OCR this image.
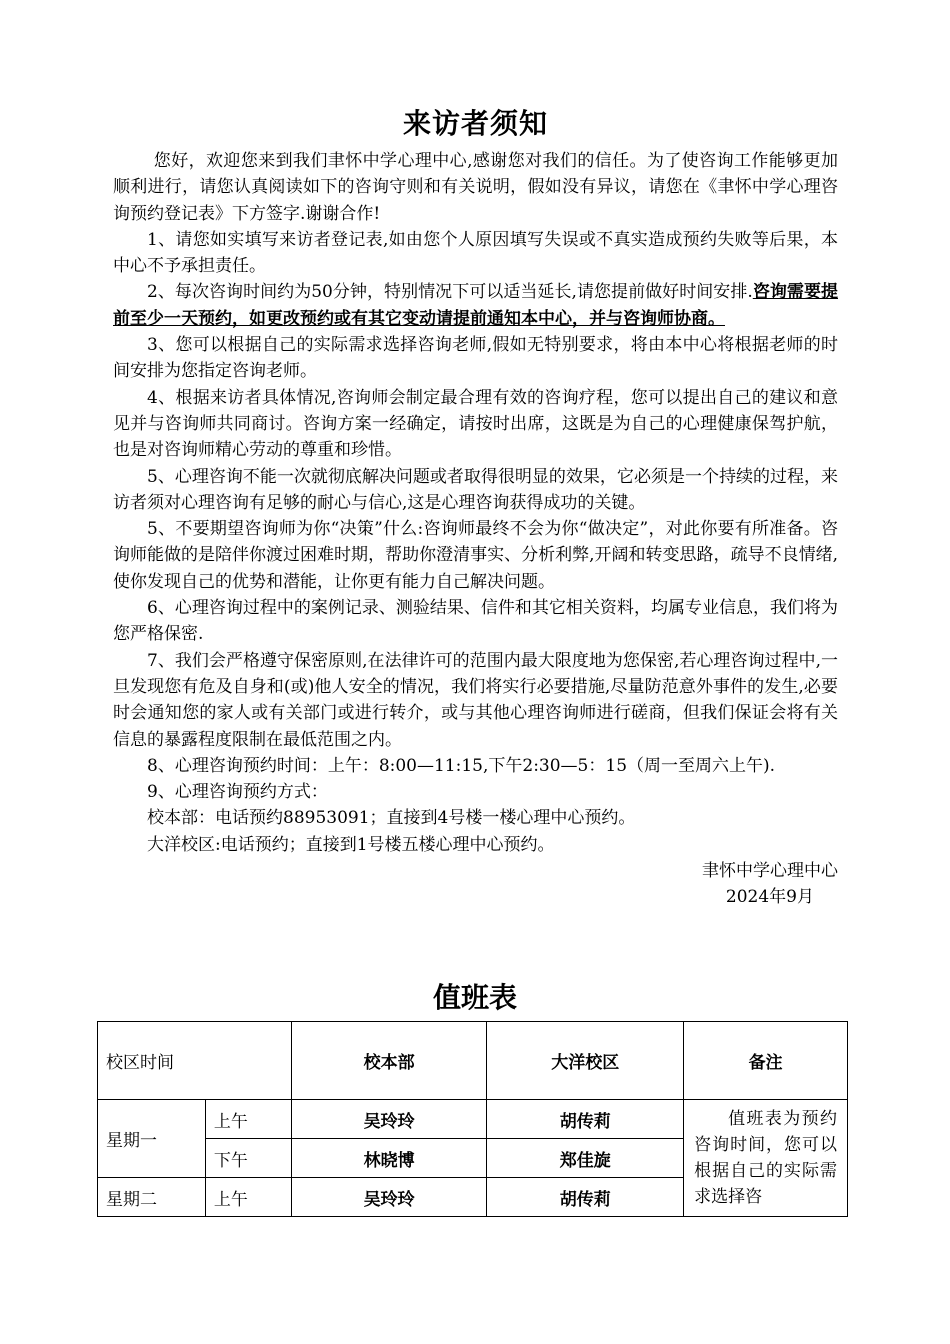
来访者须知

您好，欢迎您来到我们聿怀中学心理中心,感谢您对我们的信任。为了使咨询工作能够更加顺利进行，请您认真阅读如下的咨询守则和有关说明，假如没有异议，请您在《聿怀中学心理咨询预约登记表》下方签字.谢谢合作!

1、请您如实填写来访者登记表,如由您个人原因填写失误或不真实造成预约失败等后果，本中心不予承担责任。

2、每次咨询时间约为50分钟，特别情况下可以适当延长,请您提前做好时间安排.咨询需要提前至少一天预约，如更改预约或有其它变动请提前通知本中心，并与咨询师协商。

3、您可以根据自己的实际需求选择咨询老师,假如无特别要求，将由本中心将根据老师的时间安排为您指定咨询老师。

4、根据来访者具体情况,咨询师会制定最合理有效的咨询疗程，您可以提出自己的建议和意见并与咨询师共同商讨。咨询方案一经确定，请按时出席，这既是为自己的心理健康保驾护航，也是对咨询师精心劳动的尊重和珍惜。

5、心理咨询不能一次就彻底解决问题或者取得很明显的效果，它必须是一个持续的过程，来访者须对心理咨询有足够的耐心与信心,这是心理咨询获得成功的关键。

5、不要期望咨询师为你“决策”什么:咨询师最终不会为你“做决定”，对此你要有所准备。咨询师能做的是陪伴你渡过困难时期，帮助你澄清事实、分析利弊,开阔和转变思路，疏导不良情绪,使你发现自己的优势和潜能，让你更有能力自己解决问题。

6、心理咨询过程中的案例记录、测验结果、信件和其它相关资料，均属专业信息，我们将为您严格保密.

7、我们会严格遵守保密原则,在法律许可的范围内最大限度地为您保密,若心理咨询过程中,一旦发现您有危及自身和(或)他人安全的情况，我们将实行必要措施,尽量防范意外事件的发生,必要时会通知您的家人或有关部门或进行转介，或与其他心理咨询师进行磋商，但我们保证会将有关信息的暴露程度限制在最低范围之内。

8、心理咨询预约时间：上午：8:00—11:15,下午2:30—5：15（周一至周六上午).

9、心理咨询预约方式：

校本部：电话预约88953091；直接到4号楼一楼心理中心预约。

大洋校区:电话预约；直接到1号楼五楼心理中心预约。

聿怀中学心理中心

2024年9月

值班表
校区时间		校本部	大洋校区	备注
星期一	上午	吴玲玲	胡传莉	值班表为预约咨询时间，您可以根据自己的实际需求选择咨

	下午	林晓博	郑佳旋	
星期二	上午	吴玲玲	胡传莉	
